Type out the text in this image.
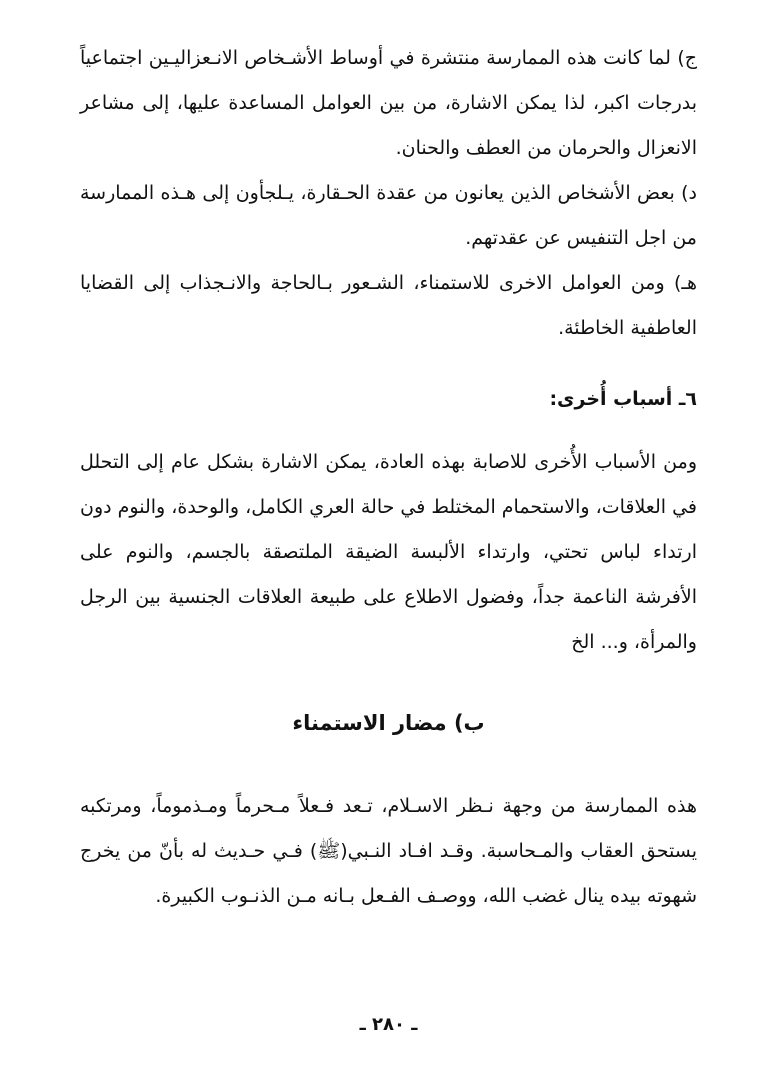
ج) لما كانت هذه الممارسة منتشرة في أوساط الأشـخاص الانـعزاليـين اجتماعياً بدرجات اكبر، لذا يمكن الاشارة، من بين العوامل المساعدة عليها، إلى مشاعر الانعزال والحرمان من العطف والحنان.

د) بعض الأشخاص الذين يعانون من عقدة الحـقارة، يـلجأون إلى هـذه الممارسة من اجل التنفيس عن عقدتهم.

هـ) ومن العوامل الاخرى للاستمناء، الشـعور بـالحاجة والانـجذاب إلى القضايا العاطفية الخاطئة.

٦ـ أسباب أُخرى:

ومن الأسباب الأُخرى للاصابة بهذه العادة، يمكن الاشارة بشكل عام إلى التحلل في العلاقات، والاستحمام المختلط في حالة العري الكامل، والوحدة، والنوم دون ارتداء لباس تحتي، وارتداء الألبسة الضيقة الملتصقة بالجسم، والنوم على الأفرشة الناعمة جداً، وفضول الاطلاع على طبيعة العلاقات الجنسية بين الرجل والمرأة، و... الخ

ب) مضار الاستمناء

هذه الممارسة من وجهة نـظر الاسـلام، تـعد فـعلاً مـحرماً ومـذموماً، ومرتكبه يستحق العقاب والمـحاسبة. وقـد افـاد النـبي(ﷺ) فـي حـديث له بأنّ من يخرج شهوته بيده ينال غضب الله، ووصـف الفـعل بـانه مـن الذنـوب الكبيرة.

ـ ٢٨٠ ـ
